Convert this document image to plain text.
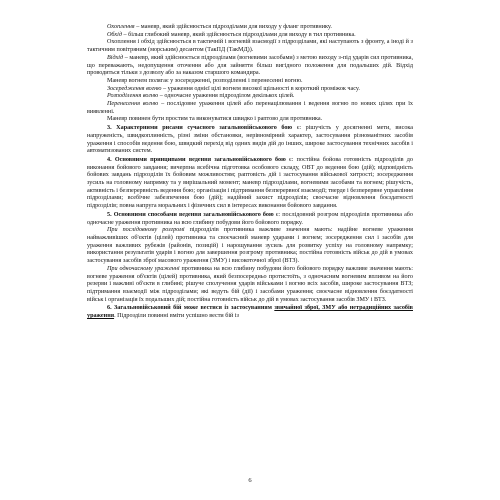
Охоплення – маневр, який здійснюється підрозділами для виходу у фланг противнику.

Обхід – більш глибокий маневр, який здійснюється підрозділами для виходу в тил противника.

Охоплення і обхід здійснюється в тактичній і вогневій взаємодії з підрозділами, які наступають з фронту, а іноді й з тактичним повітряним (морським) десантом (ТакПД (ТакМД)).

Відхід – маневр, який здійснюється підрозділами (вогневими засобами) з метою виходу з-під ударів сил противника, що переважають, недопущення оточення або для зайняття більш вигідного положення для подальших дій. Відхід проводиться тільки з дозволу або за наказом старшого командира.

Маневр вогнем полягає у зосередженні, розподіленні і перенесенні вогню.

Зосередження вогню – ураження однієї цілі вогнем високої щільності в короткий проміжок часу.

Розподілення вогню – одночасне ураження підрозділом декількох цілей.

Перенесення вогню – послідовне ураження цілей або перенацілювання і ведення вогню по нових цілях при їх виявленні.

Маневр повинен бути простим та виконуватися швидко і раптово для противника.

3. Характерними рисами сучасного загальновійськового бою є: рішучість у досягненні мети, висока напруженість, швидкоплинність, різні зміни обстановки, нерівномірний характер, застосування різноманітних засобів ураження і способів ведення бою, швидкий перехід від одних видів дій до інших, широке застосування технічних засобів і автоматизованих систем.

4. Основними принципами ведення загальновійськового бою є: постійна бойова готовність підрозділів до виконання бойового завдання; вичерпна всебічна підготовка особового складу, ОВТ до ведення бою (дій); відповідність бойових завдань підрозділів їх бойовим можливостям; раптовість дій і застосування військової хитрості; зосередження зусиль на головному напрямку та у вирішальний момент; маневр підрозділами, вогневими засобами та вогнем; рішучість, активність і безперервність ведення бою; організація і підтримання безперервної взаємодії; тверде і безперервне управління підрозділами; всебічне забезпечення бою (дій); надійний захист підрозділів; своєчасне відновлення боєздатності підрозділів; повна напруга моральних і фізичних сил в інтересах виконання бойового завдання.

5. Основними способами ведення загальновійськового бою є: послідовний розгром підрозділів противника або одночасне ураження противника на всю глибину побудови його бойового порядку.

При послідовному розгромі підрозділів противника важливе значення мають: надійне вогневе ураження найважливіших об'єктів (цілей) противника та своєчасний маневр ударами і вогнем; зосередження сил і засобів для ураження важливих рубежів (районів, позицій) і нарощування зусиль для розвитку успіху на головному напрямку; використання результатів ударів і вогню для завершення розгрому противника; постійна готовність військ до дій в умовах застосування засобів зброї масового ураження (ЗМУ) і високоточної зброї (ВТЗ).

При одночасному ураженні противника на всю глибину побудови його бойового порядку важливе значення мають: вогневе ураження об'єктів (цілей) противника, який безпосередньо протистоїть, з одночасним вогневим впливом на його резерви і важливі об'єкти в глибині; рішуче сполучення ударів військами і вогню всіх засобів, широке застосування ВТЗ; підтримання взаємодії між підрозділами; які ведуть бій (дії) і засобами ураження; своєчасне відновлення боєздатності військ і організація їх подальших дій; постійна готовність військ до дій в умовах застосування засобів ЗМУ і ВТЗ.

6. Загальновійськовий бій може вестися із застосуванням звичайної зброї, ЗМУ або нетрадиційних засобів ураження. Підрозділи повинні вміти успішно вести бій із

6
